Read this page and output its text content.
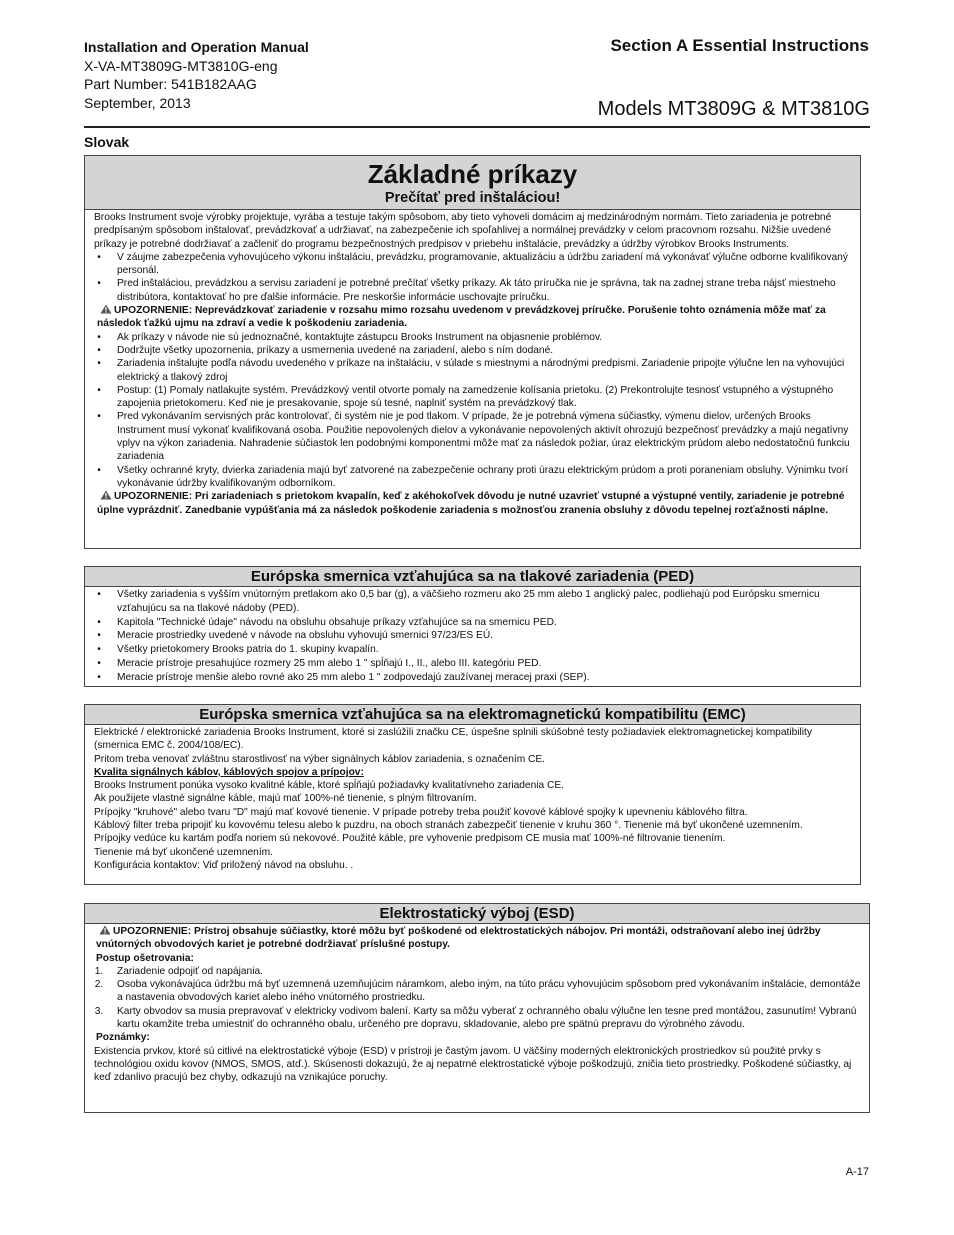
Installation and Operation Manual
X-VA-MT3809G-MT3810G-eng
Part Number: 541B182AAG
September, 2013
Section A Essential Instructions
Models MT3809G & MT3810G
Slovak
Základné príkazy
Prečítať pred inštaláciou!

Brooks Instrument svoje výrobky projektuje, vyrába a testuje takým spôsobom, aby tieto vyhoveli domácim aj medzinárodným normám. Tieto zariadenia je potrebné predpísaným spôsobom inštalovať, prevádzkovať a udržiavať, na zabezpečenie ich spoľahlivej a normálnej prevádzky v celom pracovnom rozsahu. Nižšie uvedené príkazy je potrebné dodržiavať a začleniť do programu bezpečnostných predpisov v priebehu inštalácie, prevádzky a údržby výrobkov Brooks Instruments.

•	V záujme zabezpečenia vyhovujúceho výkonu inštaláciu, prevádzku, programovanie, aktualizáciu a údržbu zariadení má vykonávať výlučne odborne kvalifikovaný personál.
•	Pred inštaláciou, prevádzkou a servisu zariadení je potrebné prečítať všetky príkazy. Ak táto príručka nie je správna, tak na zadnej strane treba nájsť miestneho distribútora, kontaktovať ho pre ďalšie informácie. Pre neskoršie informácie uschovajte príručku.

UPOZORNENIE: Neprevádzkovať zariadenie v rozsahu mimo rozsahu uvedenom v prevádzkovej príručke. Porušenie tohto oznámenia môže mať za následok ťažkú ujmu na zdraví a vedie k poškodeniu zariadenia.

•	Ak príkazy v návode nie sú jednoznačné, kontaktujte zástupcu Brooks Instrument na objasnenie problémov.
•	Dodržujte všetky upozornenia, príkazy a usmernenia uvedené na zariadení, alebo s ním dodané.
•	Zariadenia inštalujte podľa návodu uvedeného v príkaze na inštaláciu, v súlade s miestnymi a národnými predpismi. Zariadenie pripojte výlučne len na vyhovujúci elektrický a tlakový zdroj
•	Postup: (1) Pomaly natlakujte systém. Prevádzkový ventil otvorte pomaly na zamedzenie kolísania prietoku. (2) Prekontrolujte tesnosť vstupného a výstupného zapojenia prietokomeru. Keď nie je presakovanie, spoje sú tesné, naplniť systém na prevádzkový tlak.
•	Pred vykonávaním servisných prác kontrolovať, či systém nie je pod tlakom. V prípade, že je potrebná výmena súčiastky, výmenu dielov, určených Brooks Instrument musí vykonať kvalifikovaná osoba. Použitie nepovolených dielov a vykonávanie nepovolených aktivít ohrozujú bezpečnosť prevádzky a majú negatívny vplyv na výkon zariadenia. Nahradenie súčiastok len podobnými komponentmi môže mať za následok požiar, úraz elektrickým prúdom alebo nedostatočnú funkciu zariadenia
•	Všetky ochranné kryty, dvierka zariadenia majú byť zatvorené na zabezpečenie ochrany proti úrazu elektrickým prúdom a proti poraneniam obsluhy. Výnimku tvorí vykonávanie údržby kvalifikovaným odborníkom.

UPOZORNENIE: Pri zariadeniach s prietokom kvapalín, keď z akéhokoľvek dôvodu je nutné uzavrieť vstupné a výstupné ventily, zariadenie je potrebné úplne vyprázdniť. Zanedbanie vypúšťania má za následok poškodenie zariadenia s možnosťou zranenia obsluhy z dôvodu tepelnej rozťažnosti náplne.

Európska smernica vzťahujúca sa na tlakové zariadenia (PED)
•	Všetky zariadenia s vyšším vnútorným pretlakom ako 0,5 bar (g), a väčšieho rozmeru ako 25 mm alebo 1 anglický palec, podliehajú pod Európsku smernicu vzťahujúcu sa na tlakové nádoby (PED).
•	Kapitola "Technické údaje" návodu na obsluhu obsahuje príkazy vzťahujúce sa na smernicu PED.
•	Meracie prostriedky uvedené v návode na obsluhu vyhovujú smernici 97/23/ES EÚ.
•	Všetky prietokomery Brooks patria do 1. skupiny kvapalín.
•	Meracie prístroje presahujúce rozmery 25 mm alebo 1 " spĺňajú I., II., alebo III. kategóriu PED.
•	Meracie prístroje menšie alebo rovné ako 25 mm alebo 1 " zodpovedajú zaužívanej meracej praxi (SEP).
Európska smernica vzťahujúca sa na elektromagnetickú kompatibilitu (EMC)

Elektrické / elektronické zariadenia Brooks Instrument, ktoré si zaslúžili značku CE, úspešne splnili skúšobné testy požiadaviek elektromagnetickej kompatibility (smernica EMC č. 2004/108/EC).

Pritom treba venovať zvláštnu starostlivosť na výber signálnych káblov zariadenia, s označením CE.

Kvalita signálnych káblov, káblových spojov a prípojov:

Brooks Instrument ponúka vysoko kvalitné káble, ktoré spĺňajú požiadavky kvalitatívneho zariadenia CE.

Ak použijete vlastné signálne káble, majú mať 100%-né tienenie, s plným filtrovaním.

Prípojky "kruhové" alebo tvaru "D" majú mať kovové tienenie. V prípade potreby treba použiť kovové káblové spojky k upevneniu káblového filtra.

Káblový filter treba pripojiť ku kovovému telesu alebo k puzdru, na oboch stranách zabezpečiť tienenie v kruhu 360 °. Tienenie má byť ukončené uzemnením.

Prípojky vedúce ku kartám podľa noriem sú nekovové. Použité káble, pre vyhovenie predpisom CE musia mať 100%-né filtrovanie tienením.

Tienenie má byť ukončené uzemnením.

Konfigurácia kontaktov: Viď priložený návod na obsluhu. .

Elektrostatický výboj (ESD)

UPOZORNENIE: Prístroj obsahuje súčiastky, ktoré môžu byť poškodené od elektrostatických nábojov. Pri montáži, odstraňovaní alebo inej údržby vnútorných obvodových kariet je potrebné dodržiavať príslušné postupy.

Postup ošetrovania:

1.	Zariadenie odpojiť od napájania.
2.	Osoba vykonávajúca údržbu má byť uzemnená uzemňujúcim náramkom, alebo iným, na túto prácu vyhovujúcim spôsobom pred vykonávaním inštalácie, demontáže a nastavenia obvodových kariet alebo iného vnútorného prostriedku.
3.	Karty obvodov sa musia prepravovať v elektricky vodivom balení. Karty sa môžu vyberať z ochranného obalu výlučne len tesne pred montážou, zasunutím! Vybranú kartu okamžite treba umiestniť do ochranného obalu, určeného pre dopravu, skladovanie, alebo pre spätnú prepravu do výrobného závodu.

Poznámky:

Existencia prvkov, ktoré sú citlivé na elektrostatické výboje (ESD) v prístroji je častým javom. U väčšiny moderných elektronických prostriedkov sú použité prvky s technológiou oxidu kovov (NMOS, SMOS, atď.). Skúsenosti dokazujú, že aj nepatrné elektrostatické výboje poškodzujú, zničia tieto prostriedky. Poškodené súčiastky, aj keď zdanlivo pracujú bez chyby, odkazujú na vznikajúce poruchy.

A-17
